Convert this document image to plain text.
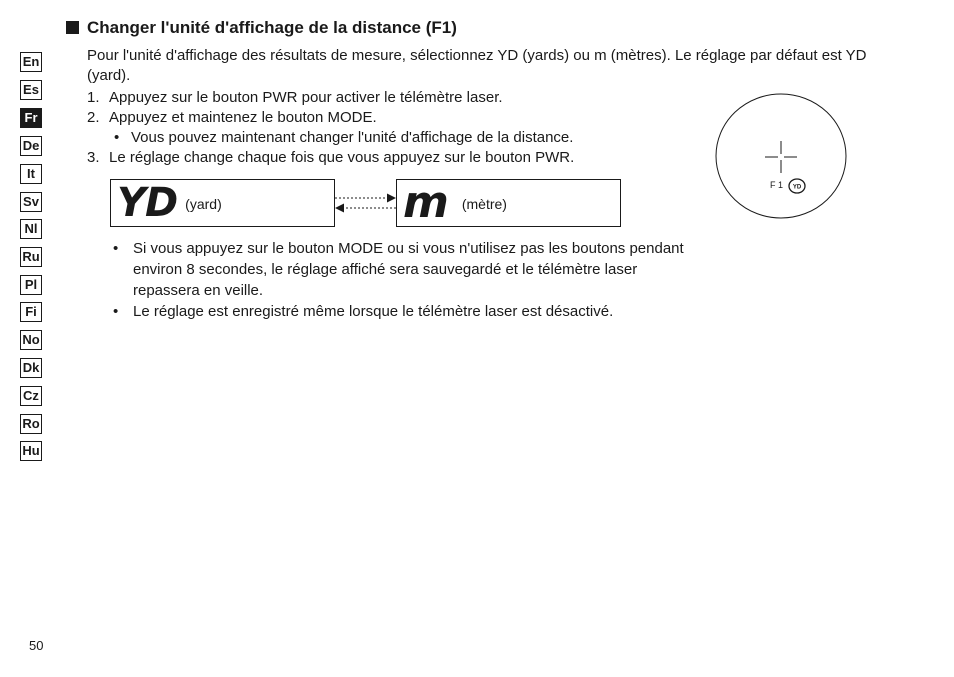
En
Es
Fr
De
It
Sv
Nl
Ru
Pl
Fi
No
Dk
Cz
Ro
Hu
Changer l'unité d'affichage de la distance (F1)
Pour l'unité d'affichage des résultats de mesure, sélectionnez YD (yards) ou m (mètres). Le réglage par défaut est YD (yard).
1. Appuyez sur le bouton PWR pour activer le télémètre laser.
2. Appuyez et maintenez le bouton MODE.
• Vous pouvez maintenant changer l'unité d'affichage de la distance.
3. Le réglage change chaque fois que vous appuyez sur le bouton PWR.
YD (yard)	m (mètre)
• Si vous appuyez sur le bouton MODE ou si vous n'utilisez pas les boutons pendant environ 8 secondes, le réglage affiché sera sauvegardé et le télémètre laser repassera en veille.
• Le réglage est enregistré même lorsque le télémètre laser est désactivé.
F 1 YD
50
